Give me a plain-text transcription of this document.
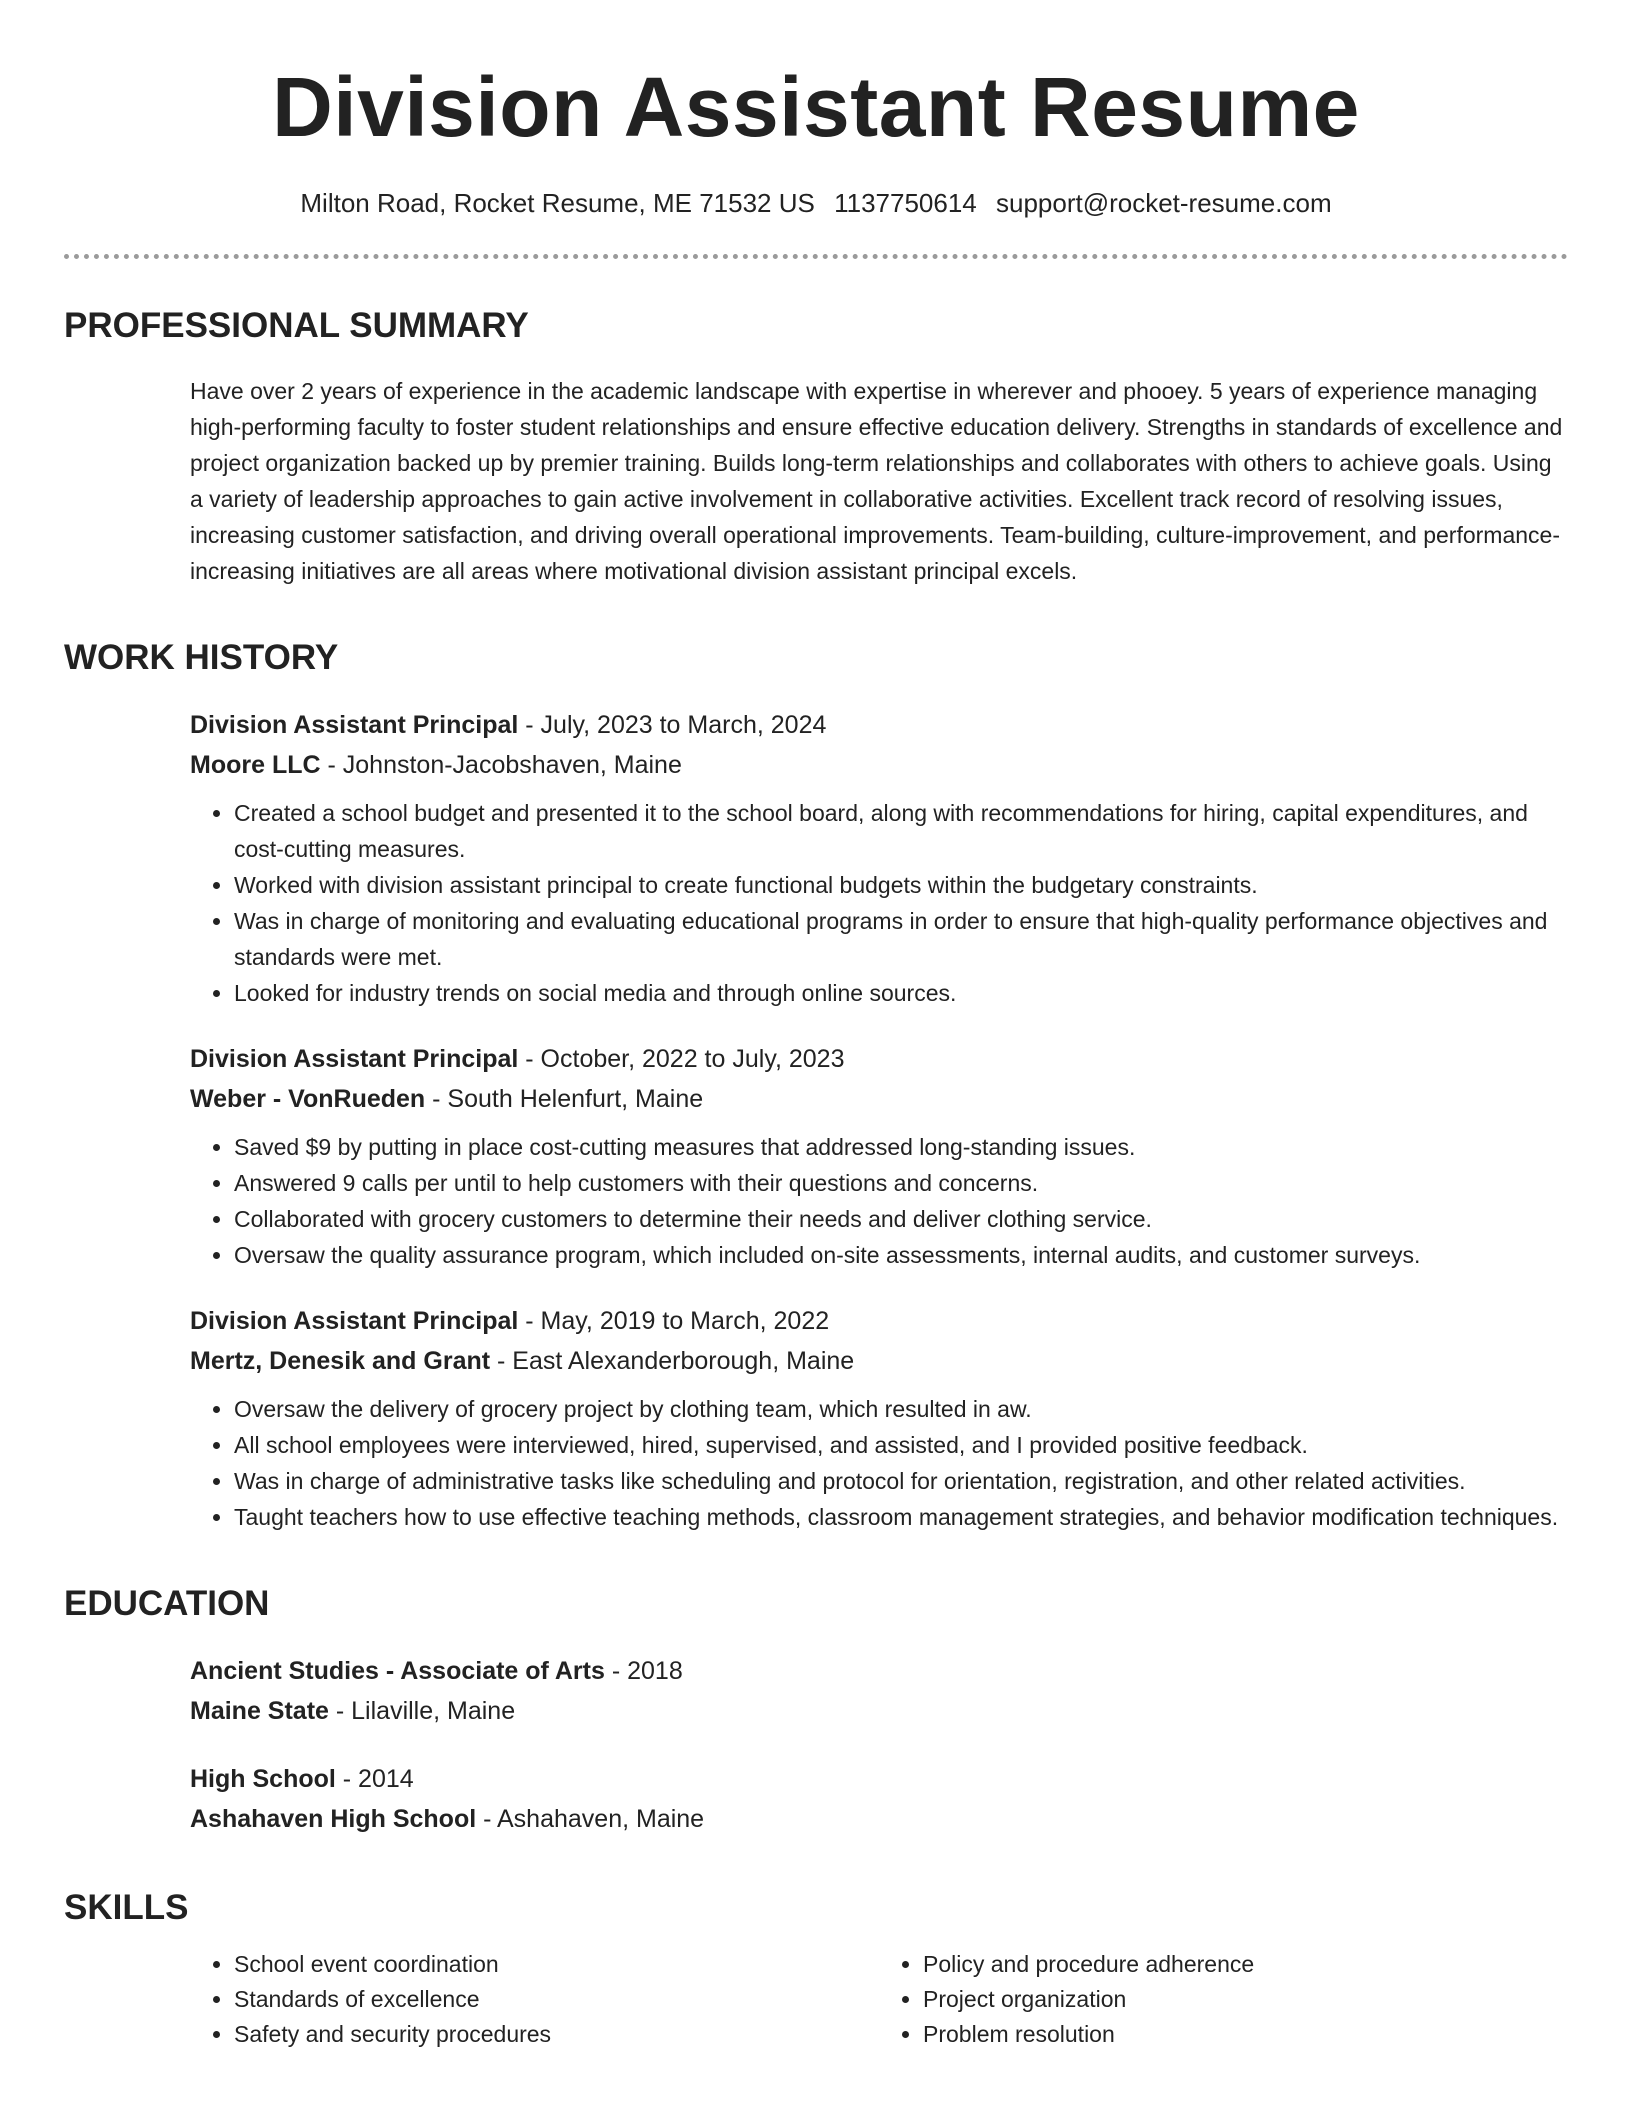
Division Assistant Resume
Milton Road, Rocket Resume, ME 71532 US 1137750614 support@rocket-resume.com
PROFESSIONAL SUMMARY
Have over 2 years of experience in the academic landscape with expertise in wherever and phooey. 5 years of experience managing high-performing faculty to foster student relationships and ensure effective education delivery. Strengths in standards of excellence and project organization backed up by premier training. Builds long-term relationships and collaborates with others to achieve goals. Using a variety of leadership approaches to gain active involvement in collaborative activities. Excellent track record of resolving issues, increasing customer satisfaction, and driving overall operational improvements. Team-building, culture-improvement, and performance-increasing initiatives are all areas where motivational division assistant principal excels.
WORK HISTORY
Division Assistant Principal - July, 2023 to March, 2024
Moore LLC - Johnston-Jacobshaven, Maine
• Created a school budget and presented it to the school board, along with recommendations for hiring, capital expenditures, and cost-cutting measures.
• Worked with division assistant principal to create functional budgets within the budgetary constraints.
• Was in charge of monitoring and evaluating educational programs in order to ensure that high-quality performance objectives and standards were met.
• Looked for industry trends on social media and through online sources.
Division Assistant Principal - October, 2022 to July, 2023
Weber - VonRueden - South Helenfurt, Maine
• Saved $9 by putting in place cost-cutting measures that addressed long-standing issues.
• Answered 9 calls per until to help customers with their questions and concerns.
• Collaborated with grocery customers to determine their needs and deliver clothing service.
• Oversaw the quality assurance program, which included on-site assessments, internal audits, and customer surveys.
Division Assistant Principal - May, 2019 to March, 2022
Mertz, Denesik and Grant - East Alexanderborough, Maine
• Oversaw the delivery of grocery project by clothing team, which resulted in aw.
• All school employees were interviewed, hired, supervised, and assisted, and I provided positive feedback.
• Was in charge of administrative tasks like scheduling and protocol for orientation, registration, and other related activities.
• Taught teachers how to use effective teaching methods, classroom management strategies, and behavior modification techniques.
EDUCATION
Ancient Studies - Associate of Arts - 2018
Maine State - Lilaville, Maine
High School - 2014
Ashahaven High School - Ashahaven, Maine
SKILLS
• School event coordination
• Standards of excellence
• Safety and security procedures
• Policy and procedure adherence
• Project organization
• Problem resolution
